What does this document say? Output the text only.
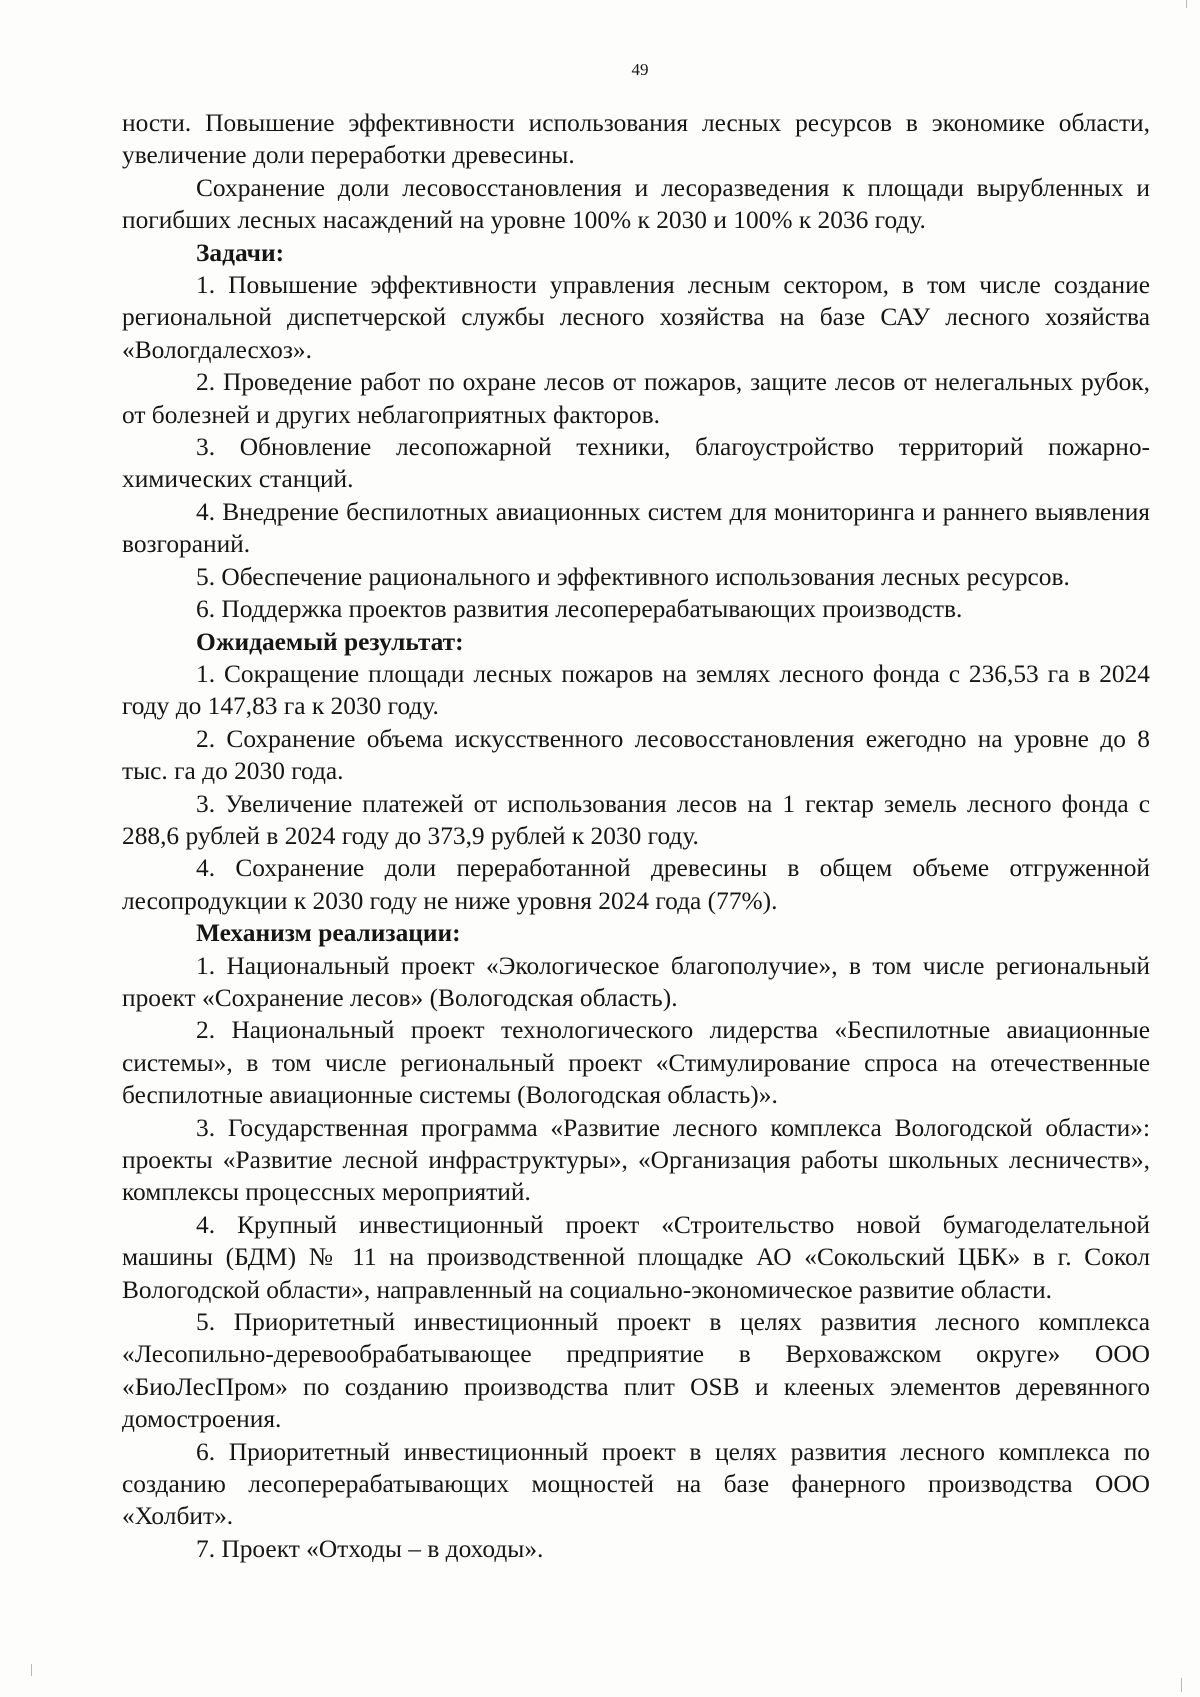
49

ности. Повышение эффективности использования лесных ресурсов в экономике области, увеличение доли переработки древесины.

Сохранение доли лесовосстановления и лесоразведения к площади вырубленных и погибших лесных насаждений на уровне 100% к 2030 и 100% к 2036 году.

Задачи:

1. Повышение эффективности управления лесным сектором, в том числе создание региональной диспетчерской службы лесного хозяйства на базе САУ лесного хозяйства «Вологдалесхоз».

2. Проведение работ по охране лесов от пожаров, защите лесов от нелегальных рубок, от болезней и других неблагоприятных факторов.

3. Обновление лесопожарной техники, благоустройство территорий пожарно-химических станций.

4. Внедрение беспилотных авиационных систем для мониторинга и раннего выявления возгораний.

5. Обеспечение рационального и эффективного использования лесных ресурсов.

6. Поддержка проектов развития лесоперерабатывающих производств.

Ожидаемый результат:

1. Сокращение площади лесных пожаров на землях лесного фонда с 236,53 га в 2024 году до 147,83 га к 2030 году.

2. Сохранение объема искусственного лесовосстановления ежегодно на уровне до 8 тыс. га до 2030 года.

3. Увеличение платежей от использования лесов на 1 гектар земель лесного фонда с 288,6 рублей в 2024 году до 373,9 рублей к 2030 году.

4. Сохранение доли переработанной древесины в общем объеме отгруженной лесопродукции к 2030 году не ниже уровня 2024 года (77%).

Механизм реализации:

1. Национальный проект «Экологическое благополучие», в том числе региональный проект «Сохранение лесов» (Вологодская область).

2. Национальный проект технологического лидерства «Беспилотные авиационные системы», в том числе региональный проект «Стимулирование спроса на отечественные беспилотные авиационные системы (Вологодская область)».

3. Государственная программа «Развитие лесного комплекса Вологодской области»: проекты «Развитие лесной инфраструктуры», «Организация работы школьных лесничеств», комплексы процессных мероприятий.

4. Крупный инвестиционный проект «Строительство новой бумагоделательной машины (БДМ) № 11 на производственной площадке АО «Сокольский ЦБК» в г. Сокол Вологодской области», направленный на социально-экономическое развитие области.

5. Приоритетный инвестиционный проект в целях развития лесного комплекса «Лесопильно-деревообрабатывающее предприятие в Верховажском округе» ООО «БиоЛесПром» по созданию производства плит OSB и клееных элементов деревянного домостроения.

6. Приоритетный инвестиционный проект в целях развития лесного комплекса по созданию лесоперерабатывающих мощностей на базе фанерного производства ООО «Холбит».

7. Проект «Отходы – в доходы».
